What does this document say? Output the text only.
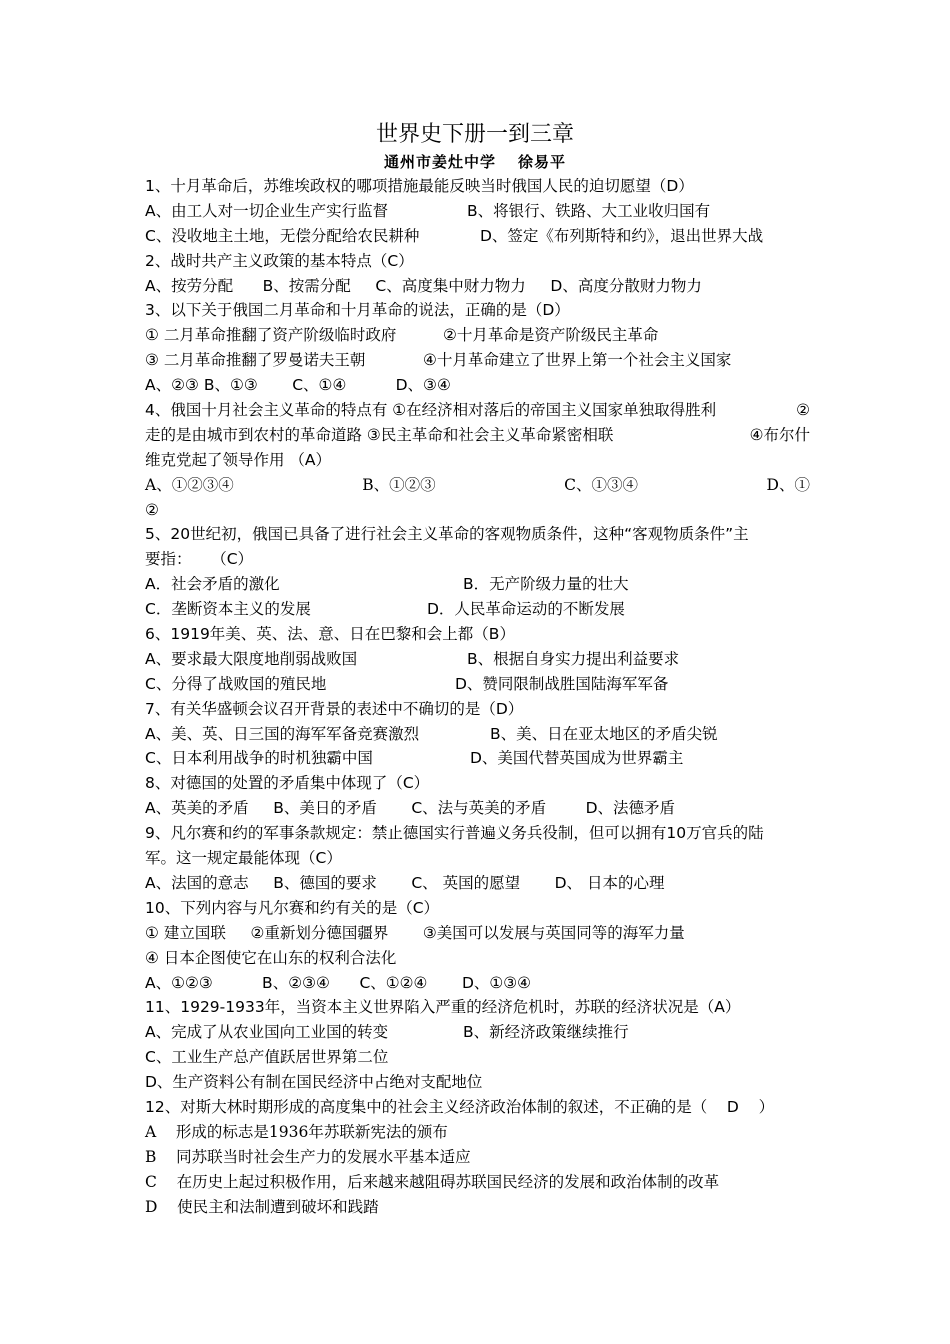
世界史下册一到三章
通州市姜灶中学 徐易平
1、十月革命后，苏维埃政权的哪项措施最能反映当时俄国人民的迫切愿望（D）

A、由工人对一切企业生产实行监督

	B、将银行、铁路、大工业收归国有

C、没收地主土地，无偿分配给农民耕种

	D、签定《布列斯特和约》，退出世界大战

2、战时共产主义政策的基本特点（C）
A、按劳分配      B、按需分配     C、高度集中财力物力     D、高度分散财力物力
3、以下关于俄国二月革命和十月革命的说法，正确的是（D）

① 二月革命推翻了资产阶级临时政府

	②十月革命是资产阶级民主革命

③ 二月革命推翻了罗曼诺夫王朝

	④十月革命建立了世界上第一个社会主义国家

A、②③ B、①③       C、①④          D、③④
4、俄国十月社会主义革命的特点有 ①在经济相对落后的帝国主义国家单独取得胜利	②
走的是由城市到农村的革命道路 ③民主革命和社会主义革命紧密相联	④布尔什
维克党起了领导作用 （A）
A、①②③④	B、①②③	C、①③④	D、①
②
5、20世纪初，俄国已具备了进行社会主义革命的客观物质条件，这种“客观物质条件”主
要指：    （C）

A．社会矛盾的激化

	B．无产阶级力量的壮大

C．垄断资本主义的发展

	D．人民革命运动的不断发展

6、1919年美、英、法、意、日在巴黎和会上都（B）

A、要求最大限度地削弱战败国

	B、根据自身实力提出利益要求

C、分得了战败国的殖民地

	D、赞同限制战胜国陆海军军备

7、有关华盛顿会议召开背景的表述中不确切的是（D）

A、美、英、日三国的海军军备竞赛激烈

	B、美、日在亚太地区的矛盾尖锐

C、日本利用战争的时机独霸中国

	D、美国代替英国成为世界霸主

8、对德国的处置的矛盾集中体现了（C）
A、英美的矛盾     B、美日的矛盾       C、法与英美的矛盾        D、法德矛盾
9、凡尔赛和约的军事条款规定：禁止德国实行普遍义务兵役制，但可以拥有10万官兵的陆
军。这一规定最能体现（C）
A、法国的意志     B、德国的要求       C、 英国的愿望       D、 日本的心理
10、下列内容与凡尔赛和约有关的是（C）
① 建立国联     ②重新划分德国疆界       ③美国可以发展与英国同等的海军力量
④ 日本企图使它在山东的权利合法化
A、①②③          B、②③④      C、①②④       D、①③④
11、1929-1933年，当资本主义世界陷入严重的经济危机时，苏联的经济状况是（A）

A、完成了从农业国向工业国的转变

	B、新经济政策继续推行

C、工业生产总产值跃居世界第二位
D、生产资料公有制在国民经济中占绝对支配地位
12、对斯大林时期形成的高度集中的社会主义经济政治体制的叙述，不正确的是（    D    ）
A    形成的标志是1936年苏联新宪法的颁布
B    同苏联当时社会生产力的发展水平基本适应
C    在历史上起过积极作用，后来越来越阻碍苏联国民经济的发展和政治体制的改革
D    使民主和法制遭到破坏和践踏
